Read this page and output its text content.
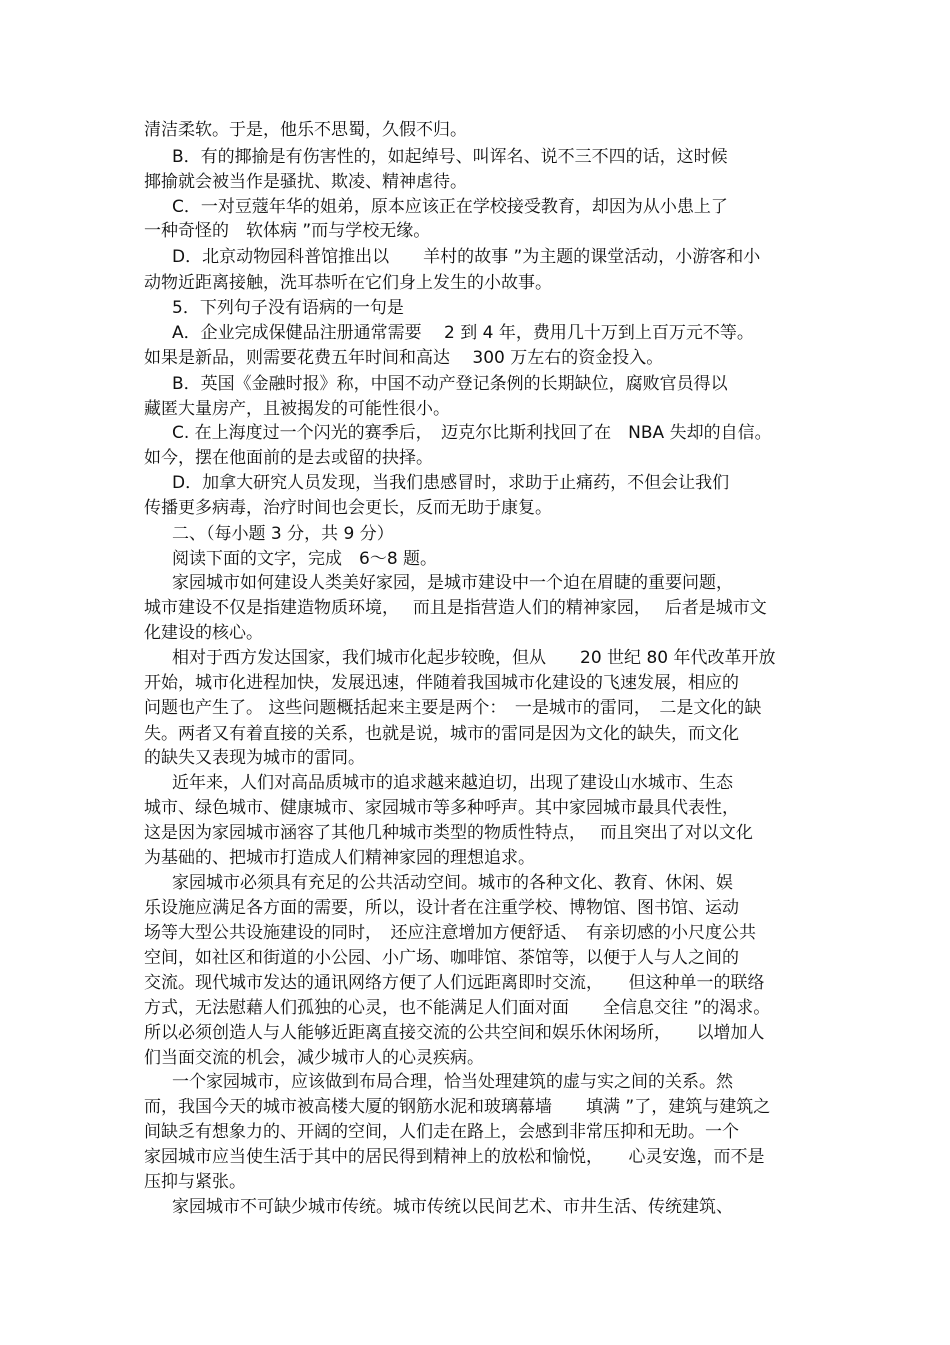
清洁柔软。于是，他乐不思蜀，久假不归。
B．有的揶揄是有伤害性的，如起绰号、叫诨名、说不三不四的话，这时候
揶揄就会被当作是骚扰、欺凌、精神虐待。
C．一对豆蔻年华的姐弟，原本应该正在学校接受教育，却因为从小患上了
一种奇怪的　软体病 ”而与学校无缘。
D．北京动物园科普馆推出以　　羊村的故事 ”为主题的课堂活动，小游客和小
动物近距离接触，洗耳恭听在它们身上发生的小故事。
5．下列句子没有语病的一句是
A．企业完成保健品注册通常需要　 2 到 4 年，费用几十万到上百万元不等。
如果是新品，则需要花费五年时间和高达　 300 万左右的资金投入。
B．英国《金融时报》称，中国不动产登记条例的长期缺位，腐败官员得以
藏匿大量房产，且被揭发的可能性很小。
C. 在上海度过一个闪光的赛季后，　迈克尔比斯利找回了在　NBA 失却的自信。
如今，摆在他面前的是去或留的抉择。
D．加拿大研究人员发现，当我们患感冒时，求助于止痛药，不但会让我们
传播更多病毒，治疗时间也会更长，反而无助于康复。
二、（每小题 3 分，共 9 分）
阅读下面的文字，完成　6～8 题。
家园城市如何建设人类美好家园，是城市建设中一个迫在眉睫的重要问题，
城市建设不仅是指建造物质环境，　 而且是指营造人们的精神家园，　 后者是城市文
化建设的核心。
相对于西方发达国家，我们城市化起步较晚，但从　　20 世纪 80 年代改革开放
开始，城市化进程加快，发展迅速，伴随着我国城市化建设的飞速发展，相应的
问题也产生了。 这些问题概括起来主要是两个：　一是城市的雷同，　二是文化的缺
失。两者又有着直接的关系，也就是说，城市的雷同是因为文化的缺失，而文化
的缺失又表现为城市的雷同。
近年来，人们对高品质城市的追求越来越迫切，出现了建设山水城市、生态
城市、绿色城市、健康城市、家园城市等多种呼声。其中家园城市最具代表性，
这是因为家园城市涵容了其他几种城市类型的物质性特点，　 而且突出了对以文化
为基础的、把城市打造成人们精神家园的理想追求。
家园城市必须具有充足的公共活动空间。城市的各种文化、教育、休闲、娱
乐设施应满足各方面的需要，所以，设计者在注重学校、博物馆、图书馆、运动
场等大型公共设施建设的同时，　还应注意增加方便舒适、　有亲切感的小尺度公共
空间，如社区和街道的小公园、小广场、咖啡馆、茶馆等，以便于人与人之间的
交流。现代城市发达的通讯网络方便了人们远距离即时交流，　　但这种单一的联络
方式，无法慰藉人们孤独的心灵，也不能满足人们面对面　　全信息交往 ”的渴求。
所以必须创造人与人能够近距离直接交流的公共空间和娱乐休闲场所，　　以增加人
们当面交流的机会，减少城市人的心灵疾病。
一个家园城市，应该做到布局合理，恰当处理建筑的虚与实之间的关系。然
而，我国今天的城市被高楼大厦的钢筋水泥和玻璃幕墙　　填满 ”了，建筑与建筑之
间缺乏有想象力的、开阔的空间，人们走在路上，会感到非常压抑和无助。一个
家园城市应当使生活于其中的居民得到精神上的放松和愉悦，　　心灵安逸，而不是
压抑与紧张。
家园城市不可缺少城市传统。城市传统以民间艺术、市井生活、传统建筑、
